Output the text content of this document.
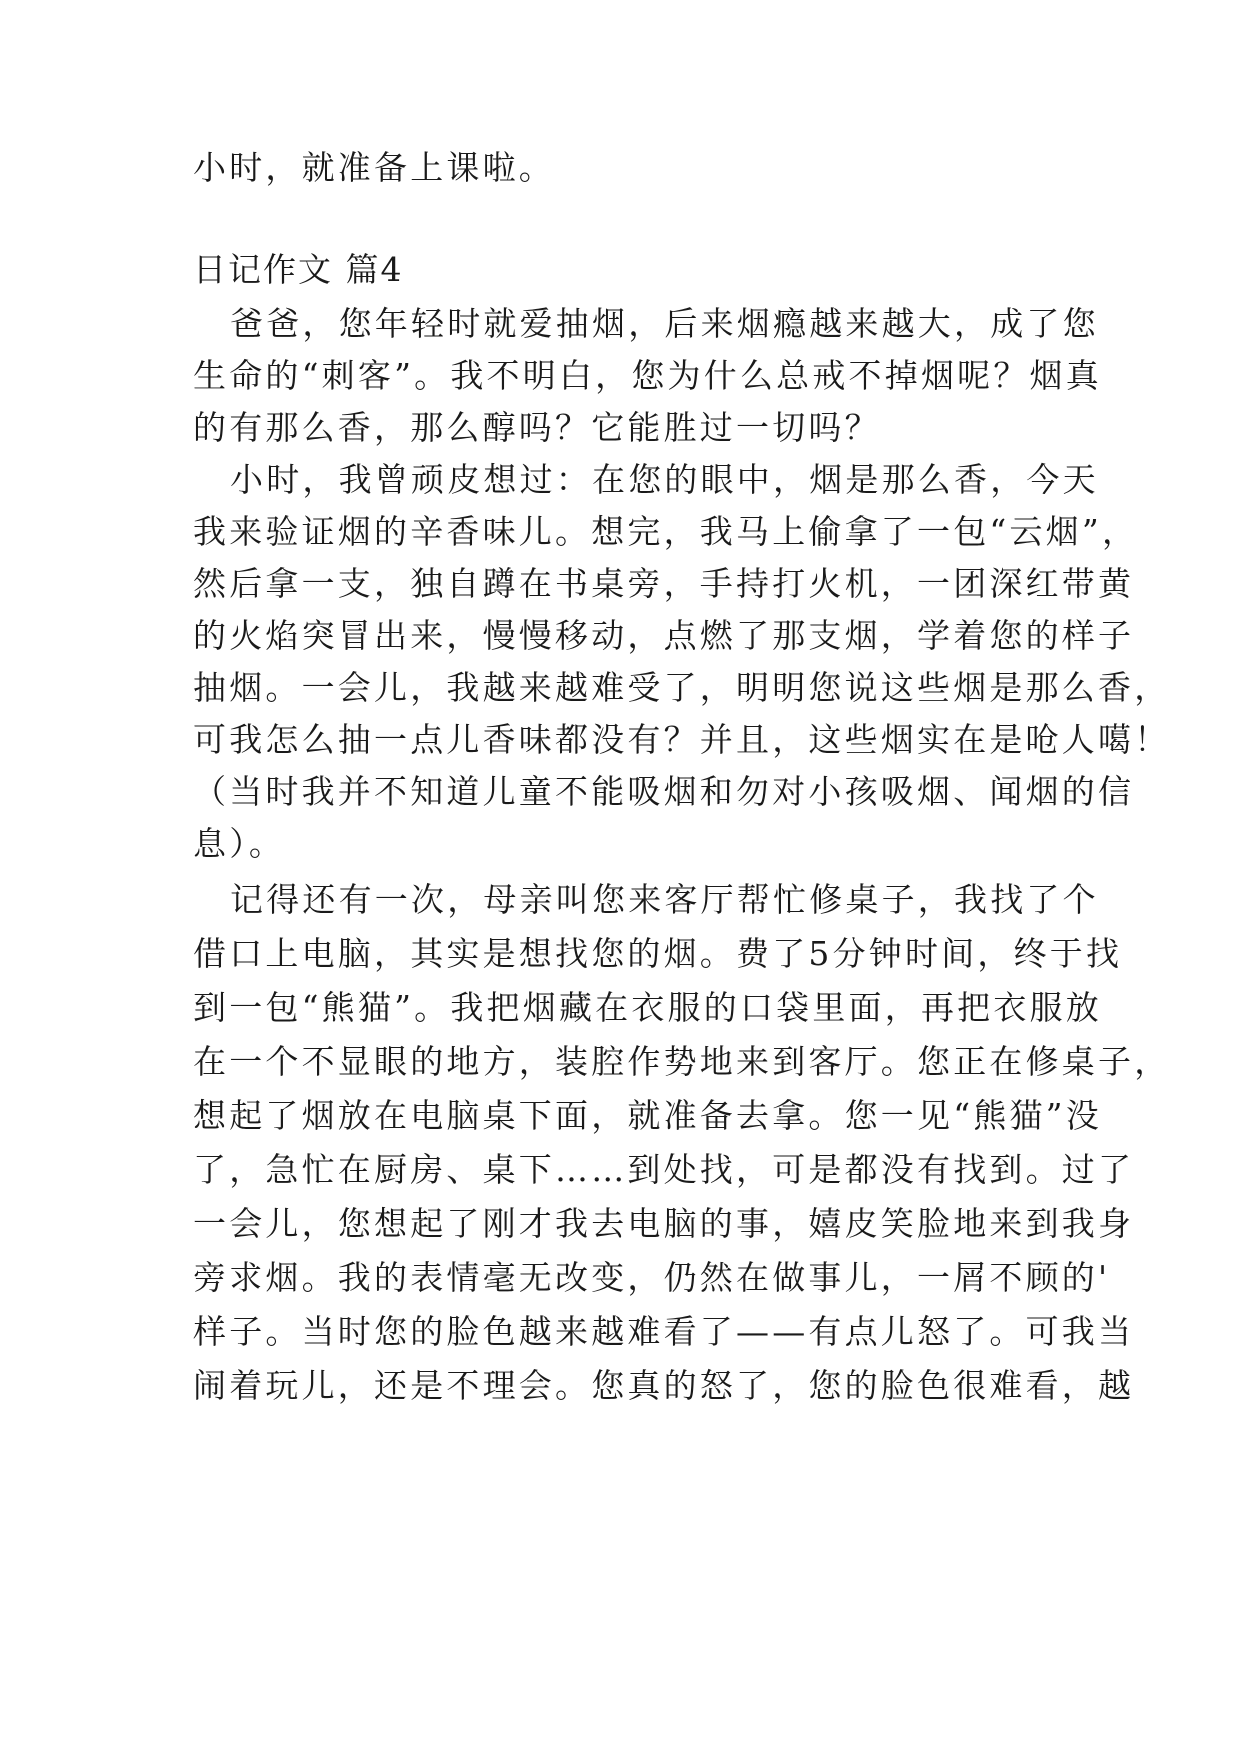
小时，就准备上课啦。
日记作文 篇4
爸爸，您年轻时就爱抽烟，后来烟瘾越来越大，成了您
生命的“刺客”。我不明白，您为什么总戒不掉烟呢？烟真
的有那么香，那么醇吗？它能胜过一切吗？
小时，我曾顽皮想过：在您的眼中，烟是那么香，今天
我来验证烟的辛香味儿。想完，我马上偷拿了一包“云烟”，
然后拿一支，独自蹲在书桌旁，手持打火机，一团深红带黄
的火焰突冒出来，慢慢移动，点燃了那支烟，学着您的样子
抽烟。一会儿，我越来越难受了，明明您说这些烟是那么香，
可我怎么抽一点儿香味都没有？并且，这些烟实在是呛人噶！
（当时我并不知道儿童不能吸烟和勿对小孩吸烟、闻烟的信
息）。
记得还有一次，母亲叫您来客厅帮忙修桌子，我找了个
借口上电脑，其实是想找您的烟。费了5分钟时间，终于找
到一包“熊猫”。我把烟藏在衣服的口袋里面，再把衣服放
在一个不显眼的地方，装腔作势地来到客厅。您正在修桌子，
想起了烟放在电脑桌下面，就准备去拿。您一见“熊猫”没
了，急忙在厨房、桌下……到处找，可是都没有找到。过了
一会儿，您想起了刚才我去电脑的事，嬉皮笑脸地来到我身
旁求烟。我的表情毫无改变，仍然在做事儿，一屑不顾的'
样子。当时您的脸色越来越难看了——有点儿怒了。可我当
闹着玩儿，还是不理会。您真的怒了，您的脸色很难看，越
